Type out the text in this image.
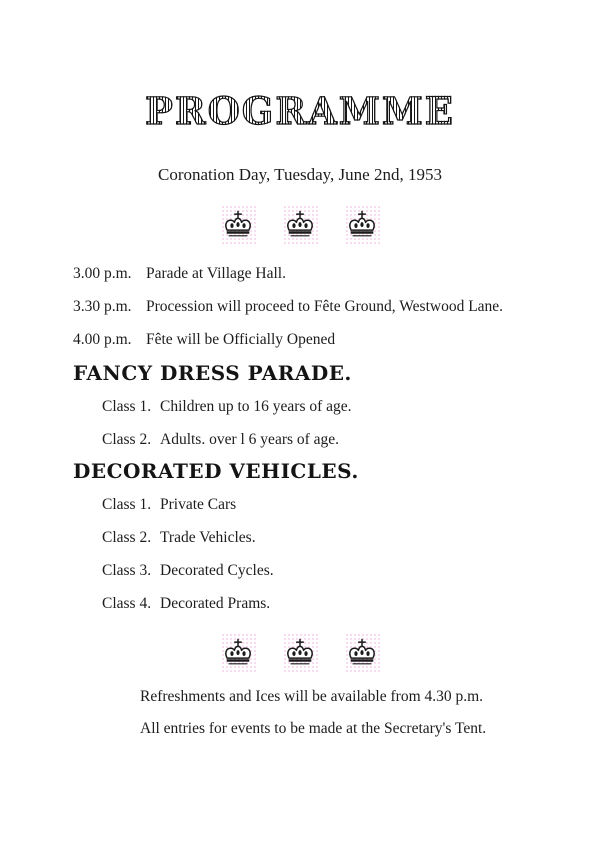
PROGRAMME
Coronation Day, Tuesday, June 2nd, 1953
3.00 p.m. Parade at Village Hall.
3.30 p.m. Procession will proceed to Fête Ground, Westwood Lane.
4.00 p.m. Fête will be Officially Opened
FANCY DRESS PARADE.
Class 1. Children up to 16 years of age.
Class 2. Adults. over l 6 years of age.
DECORATED VEHICLES.
Class 1. Private Cars
Class 2. Trade Vehicles.
Class 3. Decorated Cycles.
Class 4. Decorated Prams.
Refreshments and Ices will be available from 4.30 p.m.
All entries for events to be made at the Secretary's Tent.
